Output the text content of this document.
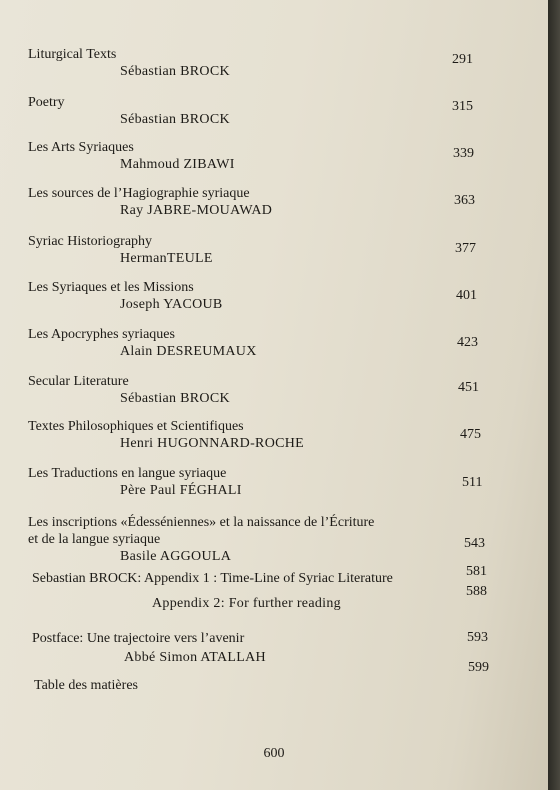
Liturgical Texts
Sébastian BROCK
291
Poetry
Sébastian BROCK
315
Les Arts Syriaques
Mahmoud ZIBAWI
339
Les sources de l’Hagiographie syriaque
Ray JABRE-MOUAWAD
363
Syriac Historiography
HermanTEULE
377
Les Syriaques et les Missions
Joseph YACOUB
401
Les Apocryphes syriaques
Alain DESREUMAUX
423
Secular Literature
Sébastian BROCK
451
Textes Philosophiques et Scientifiques
Henri HUGONNARD-ROCHE
475
Les Traductions en langue syriaque
Père Paul FÉGHALI
511
Les inscriptions «Édesséniennes» et la naissance de l’Écriture
et de la langue syriaque
Basile AGGOULA
543
Sebastian BROCK: Appendix 1 : Time-Line of Syriac Literature
Appendix 2: For further reading
581
588
Postface: Une trajectoire vers l’avenir
Abbé Simon ATALLAH
593
Table des matières
599
600
